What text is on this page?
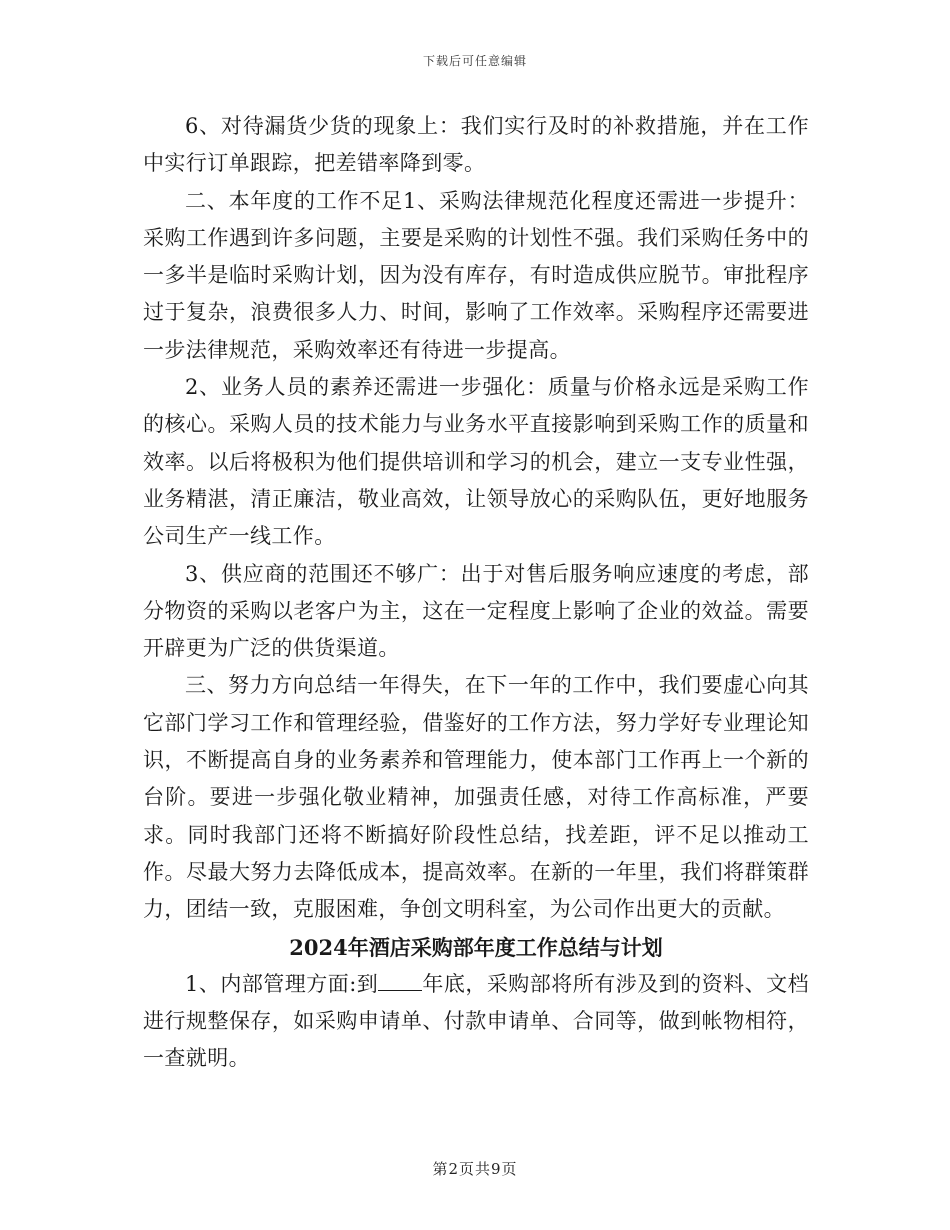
下载后可任意编辑

6、对待漏货少货的现象上：我们实行及时的补救措施，并在工作中实行订单跟踪，把差错率降到零。

二、本年度的工作不足1、采购法律规范化程度还需进一步提升：采购工作遇到许多问题，主要是采购的计划性不强。我们采购任务中的一多半是临时采购计划，因为没有库存，有时造成供应脱节。审批程序过于复杂，浪费很多人力、时间，影响了工作效率。采购程序还需要进一步法律规范，采购效率还有待进一步提高。

2、业务人员的素养还需进一步强化：质量与价格永远是采购工作的核心。采购人员的技术能力与业务水平直接影响到采购工作的质量和效率。以后将极积为他们提供培训和学习的机会，建立一支专业性强，业务精湛，清正廉洁，敬业高效，让领导放心的采购队伍，更好地服务公司生产一线工作。

3、供应商的范围还不够广：出于对售后服务响应速度的考虑，部分物资的采购以老客户为主，这在一定程度上影响了企业的效益。需要开辟更为广泛的供货渠道。

三、努力方向总结一年得失，在下一年的工作中，我们要虚心向其它部门学习工作和管理经验，借鉴好的工作方法，努力学好专业理论知识，不断提高自身的业务素养和管理能力，使本部门工作再上一个新的台阶。要进一步强化敬业精神，加强责任感，对待工作高标准，严要求。同时我部门还将不断搞好阶段性总结，找差距，评不足以推动工作。尽最大努力去降低成本，提高效率。在新的一年里，我们将群策群力，团结一致，克服困难，争创文明科室，为公司作出更大的贡献。

2024年酒店采购部年度工作总结与计划

1、内部管理方面:到 年底，采购部将所有涉及到的资料、文档进行规整保存，如采购申请单、付款申请单、合同等，做到帐物相符，一查就明。

第2页共9页
